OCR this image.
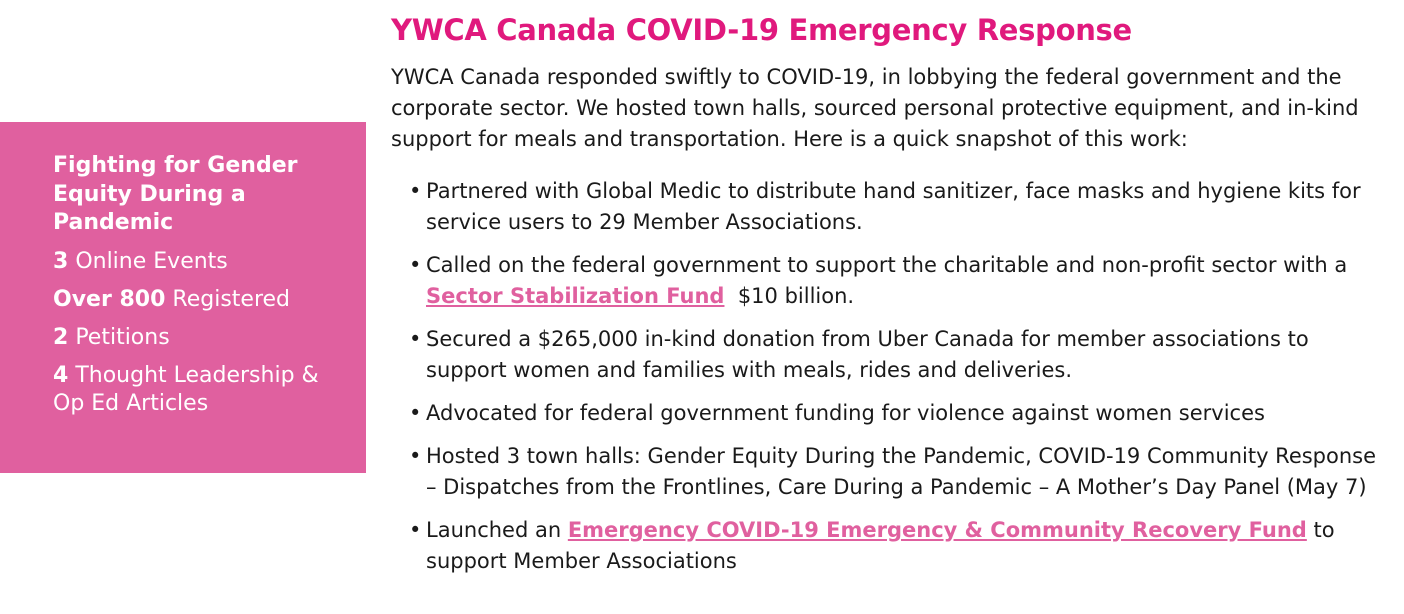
Fighting for Gender Equity During a Pandemic
3 Online Events
Over 800 Registered
2 Petitions
4 Thought Leadership & Op Ed Articles
YWCA Canada COVID-19 Emergency Response

YWCA Canada responded swiftly to COVID-19, in lobbying the federal government and the corporate sector. We hosted town halls, sourced personal protective equipment, and in-kind support for meals and transportation. Here is a quick snapshot of this work:

• Partnered with Global Medic to distribute hand sanitizer, face masks and hygiene kits for service users to 29 Member Associations.
• Called on the federal government to support the charitable and non-profit sector with a Sector Stabilization Fund  $10 billion.
• Secured a $265,000 in-kind donation from Uber Canada for member associations to support women and families with meals, rides and deliveries.
• Advocated for federal government funding for violence against women services
• Hosted 3 town halls: Gender Equity During the Pandemic, COVID-19 Community Response – Dispatches from the Frontlines, Care During a Pandemic – A Mother’s Day Panel (May 7)
• Launched an Emergency COVID-19 Emergency & Community Recovery Fund to support Member Associations
